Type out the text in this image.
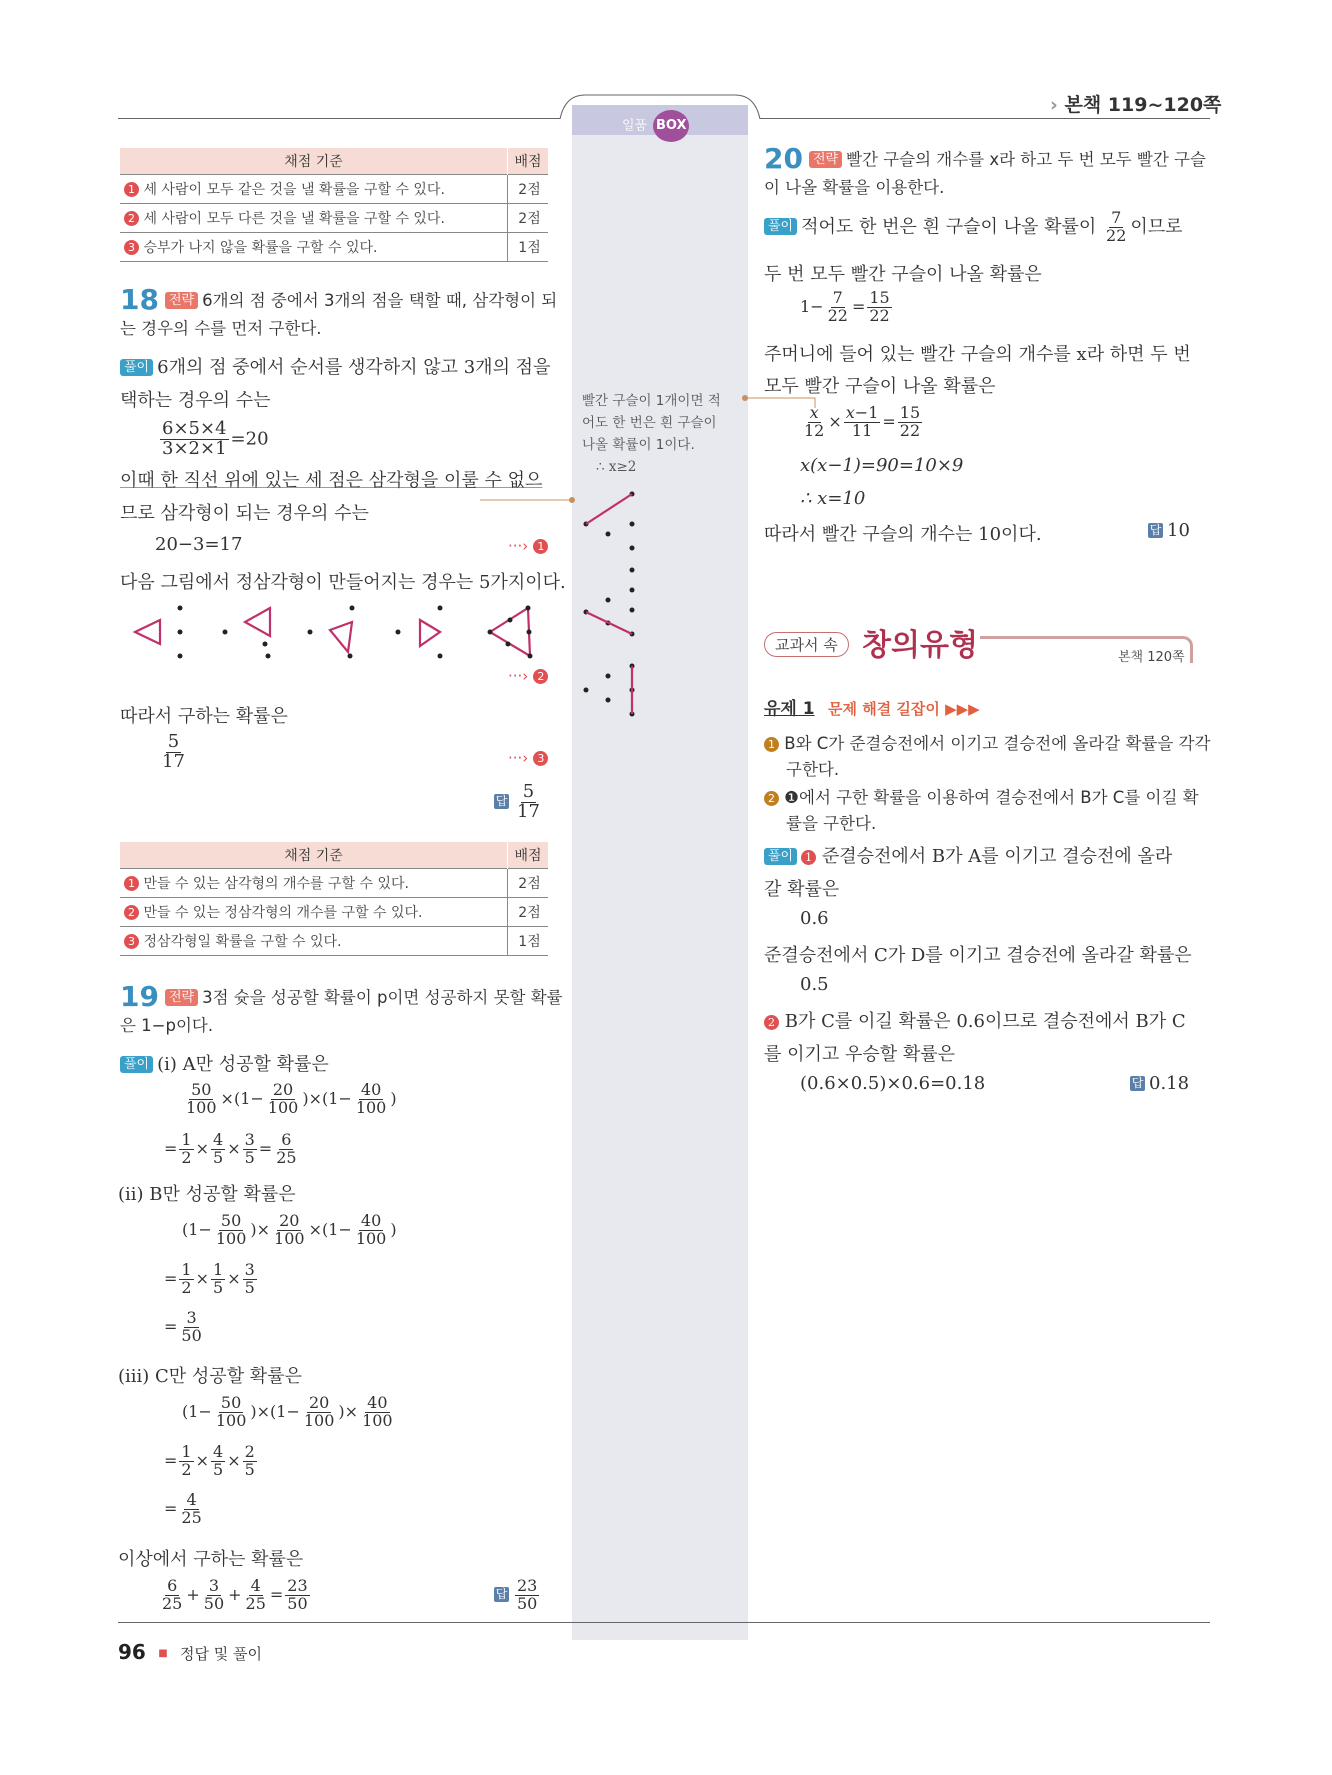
› 본책 119~120쪽
일품 BOX
채점 기준	배점
1 세 사람이 모두 같은 것을 낼 확률을 구할 수 있다.	2점
2 세 사람이 모두 다른 것을 낼 확률을 구할 수 있다.	2점
3 승부가 나지 않을 확률을 구할 수 있다.	1점
18 전략 6개의 점 중에서 3개의 점을 택할 때, 삼각형이 되
는 경우의 수를 먼저 구한다.
풀이 6개의 점 중에서 순서를 생각하지 않고 3개의 점을
택하는 경우의 수는
$\frac{6\times 5\times 4}{3\times 2\times 1} =20$
이때 한 직선 위에 있는 세 점은 삼각형을 이룰 수 없으
므로 삼각형이 되는 경우의 수는
20−3=17	···› 1
다음 그림에서 정삼각형이 만들어지는 경우는 5가지이다.
···› 2
따라서 구하는 확률은
$\frac{5}{17}$	···› 3
답 $\frac{5}{17}$
채점 기준	배점
1 만들 수 있는 삼각형의 개수를 구할 수 있다.	2점
2 만들 수 있는 정삼각형의 개수를 구할 수 있다.	2점
3 정삼각형일 확률을 구할 수 있다.	1점
19 전략 3점 슛을 성공할 확률이 p이면 성공하지 못할 확률
은 1−p이다.
풀이 (i) A만 성공할 확률은
$\frac{50}{100} \times(1- \frac{20}{100} )\times(1- \frac{40}{100}$ )
= $\frac{1}{2} \times \frac{4}{5} \times \frac{3}{5} = \frac{6}{25}$
(ii) B만 성공할 확률은
($1- \frac{50}{100}$ )× $\frac{20}{100} \times(1- \frac{40}{100}$ )
= $\frac{1}{2} \times \frac{1}{5} \times \frac{3}{5}$
= $\frac{3}{50}$
(iii) C만 성공할 확률은
$(1- \frac{50}{100} )\times(1- \frac{20}{100}$ )× $\frac{40}{100}$
= $\frac{1}{2} \times \frac{4}{5} \times \frac{2}{5}$
= $\frac{4}{25}$
이상에서 구하는 확률은
$\frac{6}{25} + \frac{3}{50} + \frac{4}{25} = \frac{23}{50}$	답 $\frac{23}{50}$
빨간 구슬이 1개이면 적
어도 한 번은 흰 구슬이
나올 확률이 1이다.
∴ x≥2
20 전략 빨간 구슬의 개수를 x라 하고 두 번 모두 빨간 구슬
이 나올 확률을 이용한다.
풀이 적어도 한 번은 흰 구슬이 나올 확률이 $\frac{7}{22}$ 이므로
두 번 모두 빨간 구슬이 나올 확률은
$1- \frac{7}{22} = \frac{15}{22}$
주머니에 들어 있는 빨간 구슬의 개수를 x라 하면 두 번
모두 빨간 구슬이 나올 확률은
$\frac{x}{12} \times \frac{x-1}{11} = \frac{15}{22}$
x(x−1)=90=10×9
∴ x=10
따라서 빨간 구슬의 개수는 10이다.	답 10
교과서 속 창의유형	본책 120쪽
유제 1 문제 해결 길잡이 ▶▶▶
1 B와 C가 준결승전에서 이기고 결승전에 올라갈 확률을 각각
구한다.
2 ❶에서 구한 확률을 이용하여 결승전에서 B가 C를 이길 확
률을 구한다.
풀이 1 준결승전에서 B가 A를 이기고 결승전에 올라
갈 확률은
0.6
준결승전에서 C가 D를 이기고 결승전에 올라갈 확률은
0.5
2 B가 C를 이길 확률은 0.6이므로 결승전에서 B가 C
를 이기고 우승할 확률은
(0.6×0.5)×0.6=0.18	답 0.18
96 ■ 정답 및 풀이
